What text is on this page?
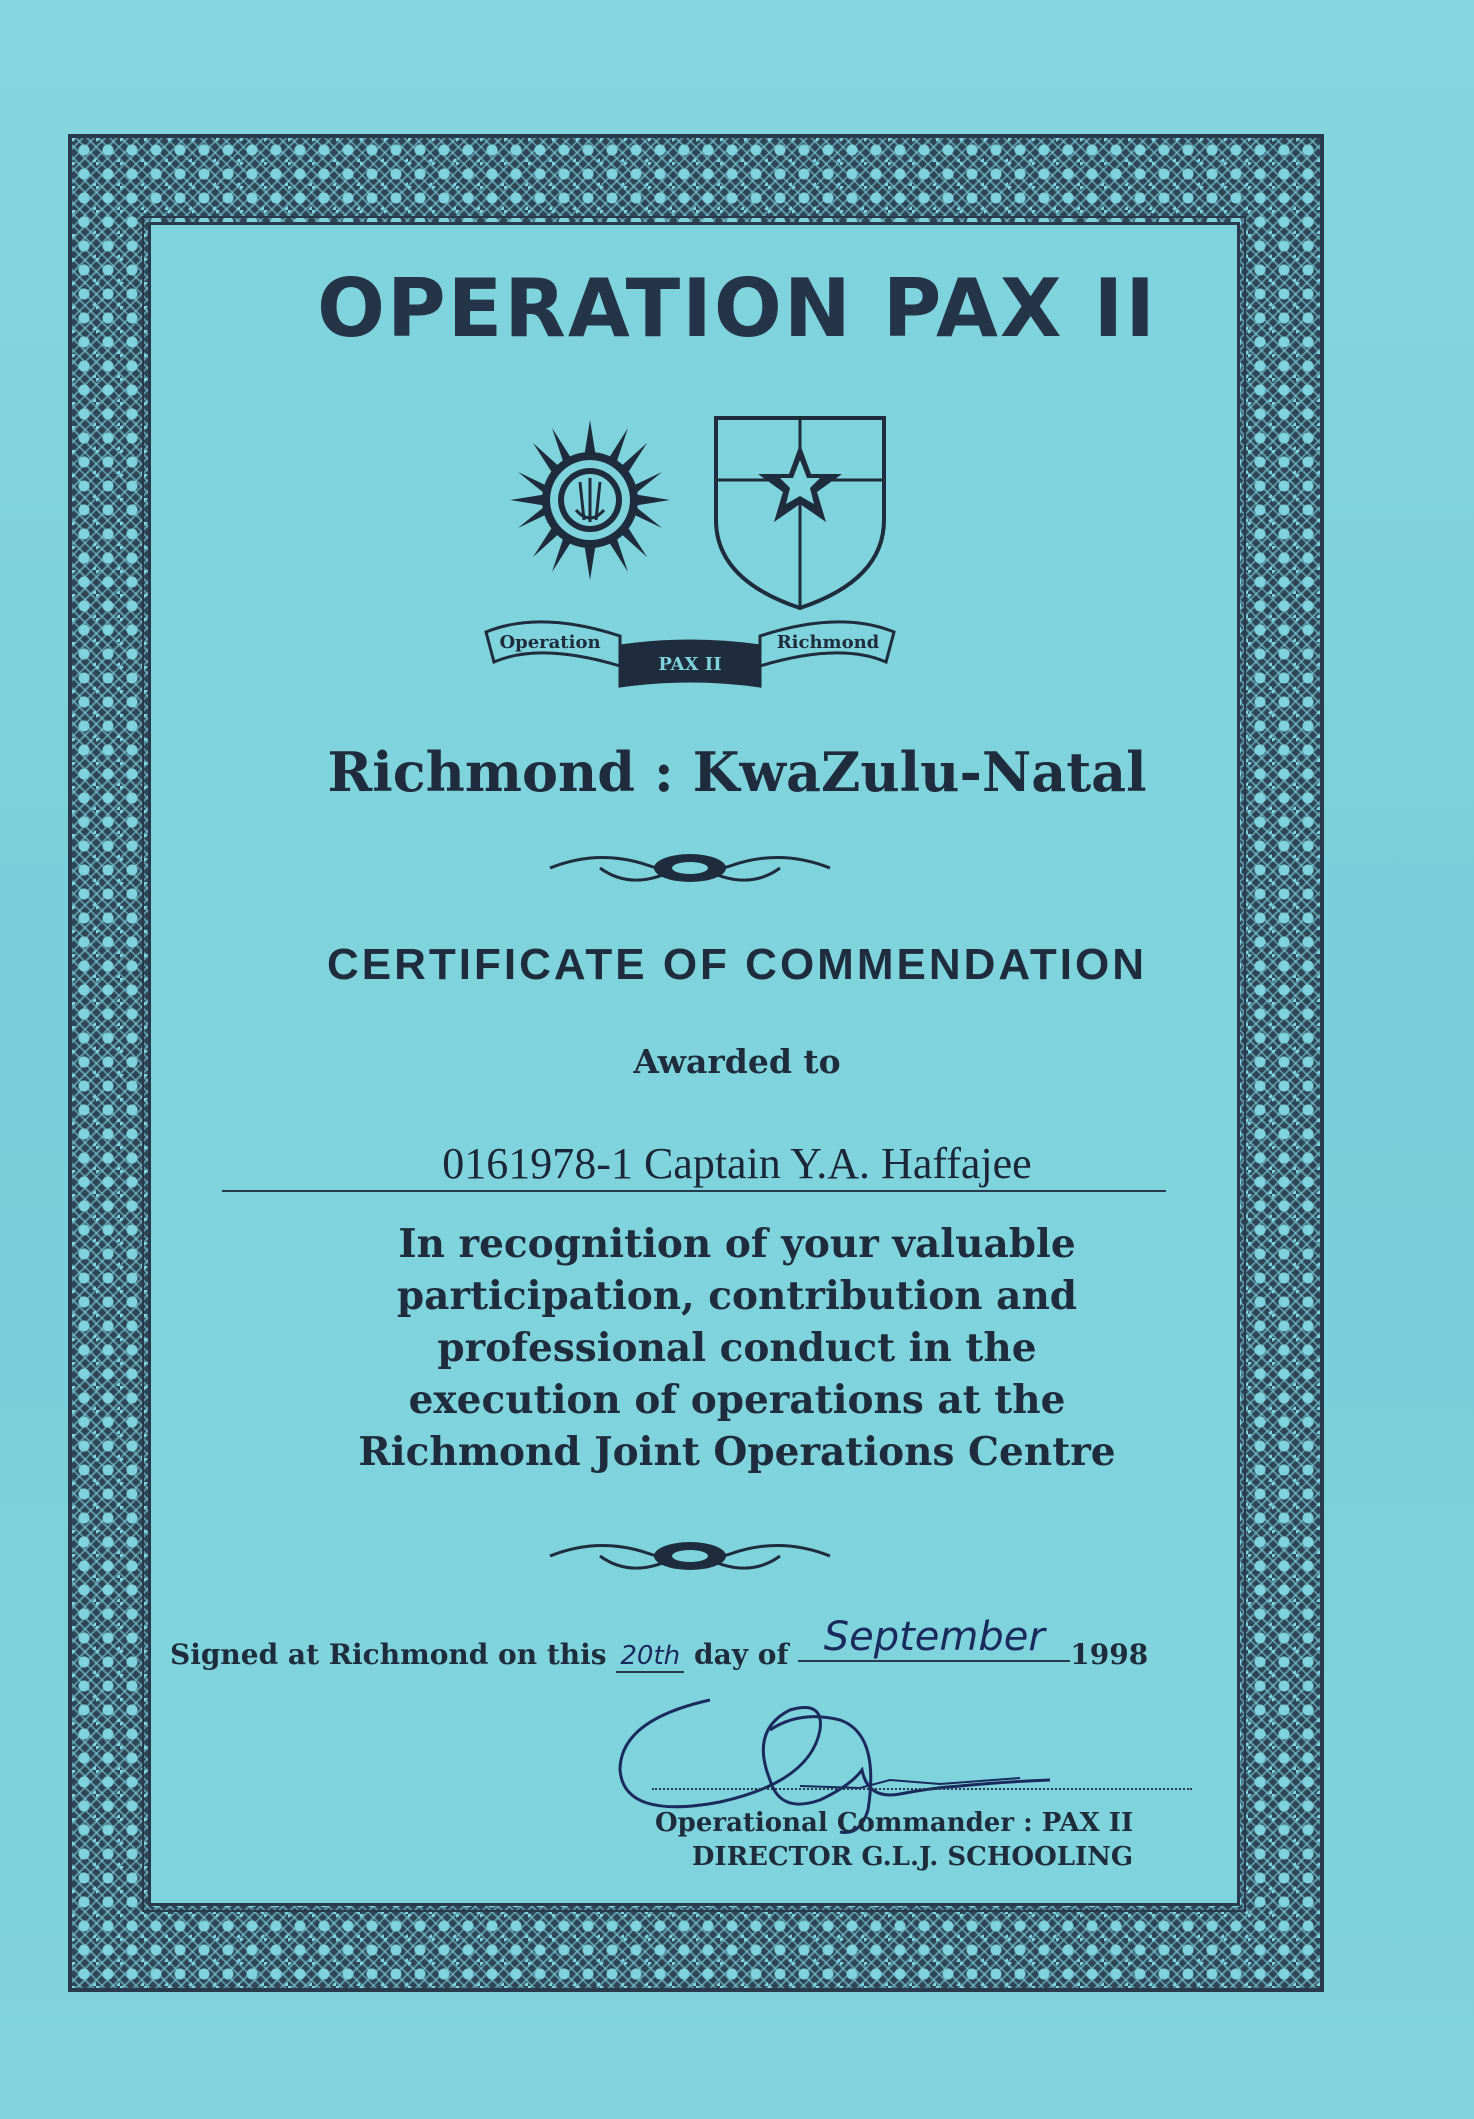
OPERATION PAX II
Operation
PAX II
Richmond
Richmond : KwaZulu-Natal
CERTIFICATE OF COMMENDATION
Awarded to
0161978-1 Captain Y.A. Haffajee
In recognition of your valuable
participation, contribution and
professional conduct in the
execution of operations at the
Richmond Joint Operations Centre
Signed at Richmond on this 20th day of September 1998
Operational Commander : PAX II
DIRECTOR G.L.J. SCHOOLING
